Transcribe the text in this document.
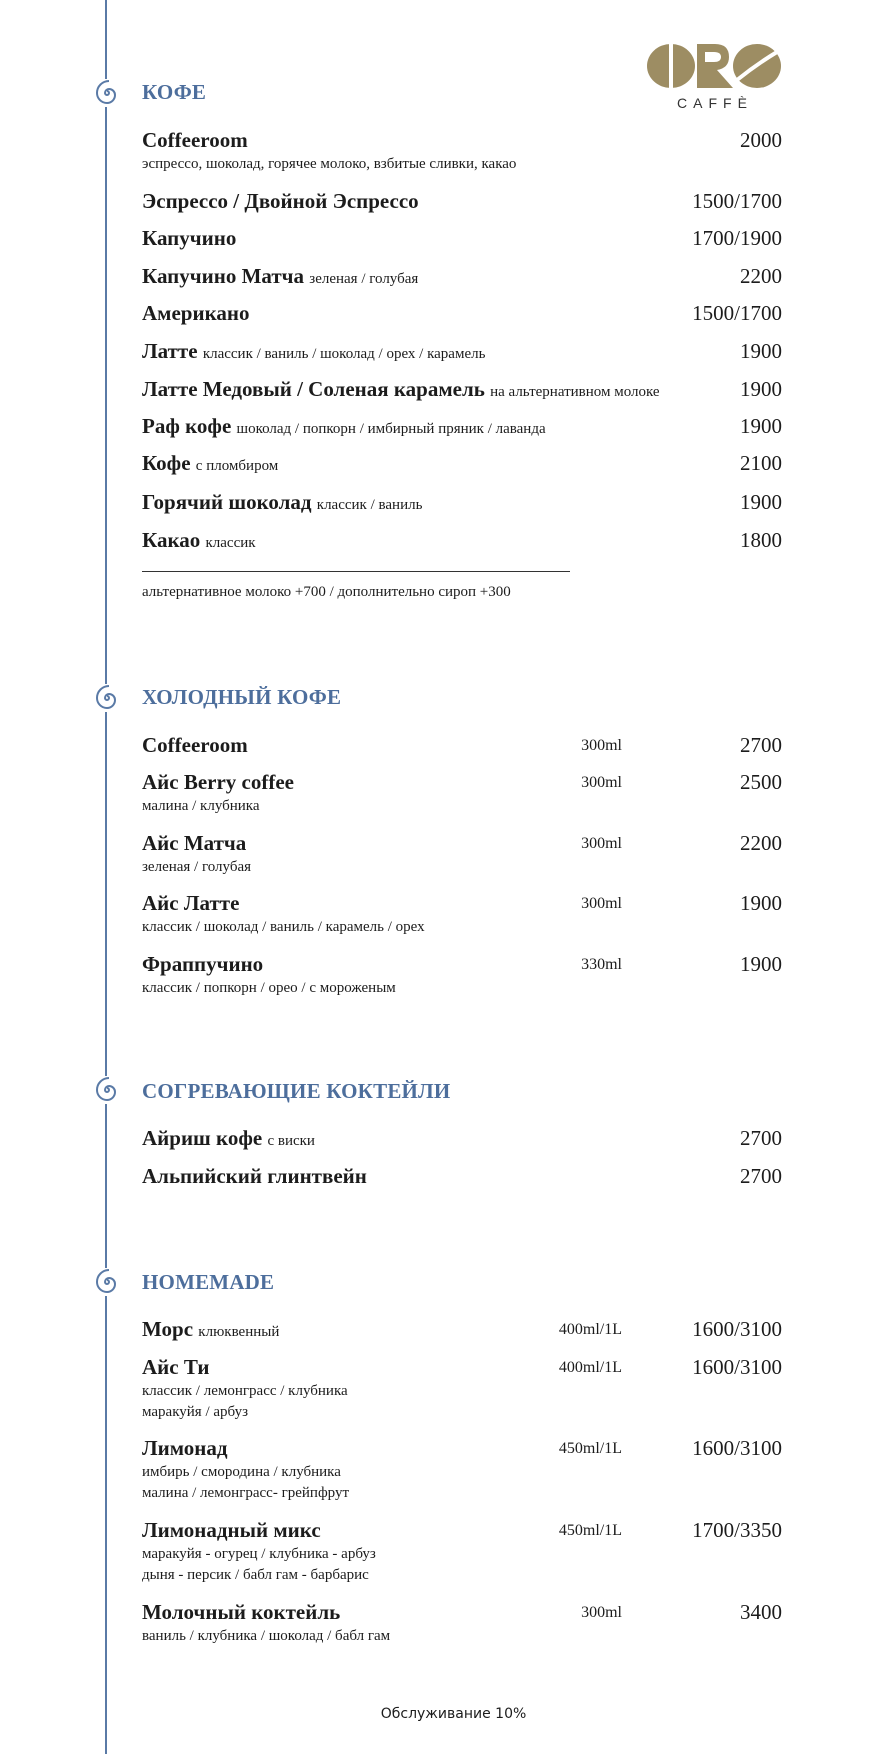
CAFFÈ
КОФЕ
Coffeeroom	2000
эспрессо, шоколад, горячее молоко, взбитые сливки, какао
Эспрессо / Двойной Эспрессо	1500/1700
Капучино	1700/1900
Капучино Матча зеленая / голубая	2200
Американо	1500/1700
Латте классик / ваниль / шоколад / орех / карамель	1900
Латте Медовый / Соленая карамель на альтернативном молоке	1900
Раф кофе шоколад / попкорн / имбирный пряник / лаванда	1900
Кофе с пломбиром	2100
Горячий шоколад классик / ваниль	1900
Какао классик	1800
альтернативное молоко +700 / дополнительно сироп +300
ХОЛОДНЫЙ КОФЕ
Coffeeroom	300ml	2700
Айс Berry coffee	300ml	2500
малина / клубника
Айс Матча	300ml	2200
зеленая / голубая
Айс Латте	300ml	1900
классик / шоколад / ваниль / карамель / орех
Фраппучино	330ml	1900
классик / попкорн / орео / с мороженым
СОГРЕВАЮЩИЕ КОКТЕЙЛИ
Айриш кофе с виски	2700
Альпийский глинтвейн	2700
HOMEMADE
Морс клюквенный	400ml/1L	1600/3100
Айс Ти	400ml/1L	1600/3100
классик / лемонграсс / клубника
маракуйя / арбуз
Лимонад	450ml/1L	1600/3100
имбирь / смородина / клубника
малина / лемонграсс- грейпфрут
Лимонадный микс	450ml/1L	1700/3350
маракуйя - огурец / клубника - арбуз
дыня - персик / бабл гам - барбарис
Молочный коктейль	300ml	3400
ваниль / клубника / шоколад / бабл гам
Обслуживание 10%
